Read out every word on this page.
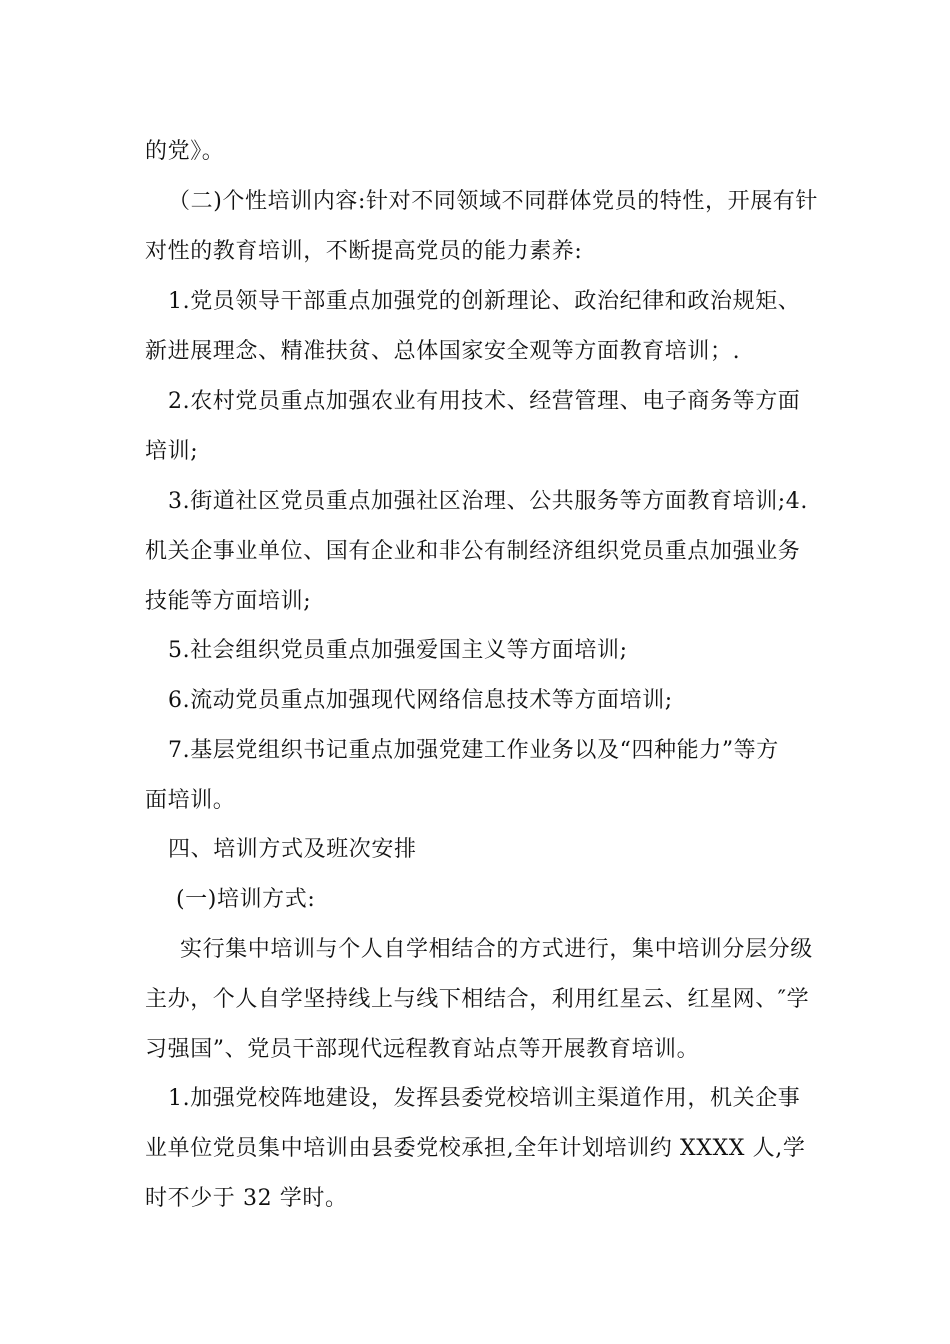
的党》。
（二)个性培训内容:针对不同领域不同群体党员的特性，开展有针
对性的教育培训，不断提高党员的能力素养:
1.党员领导干部重点加强党的创新理论、政治纪律和政治规矩、
新进展理念、精准扶贫、总体国家安全观等方面教育培训；.
2.农村党员重点加强农业有用技术、经营管理、电子商务等方面
培训;
3.街道社区党员重点加强社区治理、公共服务等方面教育培训;4.
机关企事业单位、国有企业和非公有制经济组织党员重点加强业务
技能等方面培训;
5.社会组织党员重点加强爱国主义等方面培训;
6.流动党员重点加强现代网络信息技术等方面培训;
7.基层党组织书记重点加强党建工作业务以及“四种能力”等方
面培训。
四、培训方式及班次安排
(一)培训方式:
实行集中培训与个人自学相结合的方式进行，集中培训分层分级
主办，个人自学坚持线上与线下相结合，利用红星云、红星网、″学
习强国”、党员干部现代远程教育站点等开展教育培训。
1.加强党校阵地建设，发挥县委党校培训主渠道作用，机关企事
业单位党员集中培训由县委党校承担,全年计划培训约 XXXX 人,学
时不少于 32 学时。
